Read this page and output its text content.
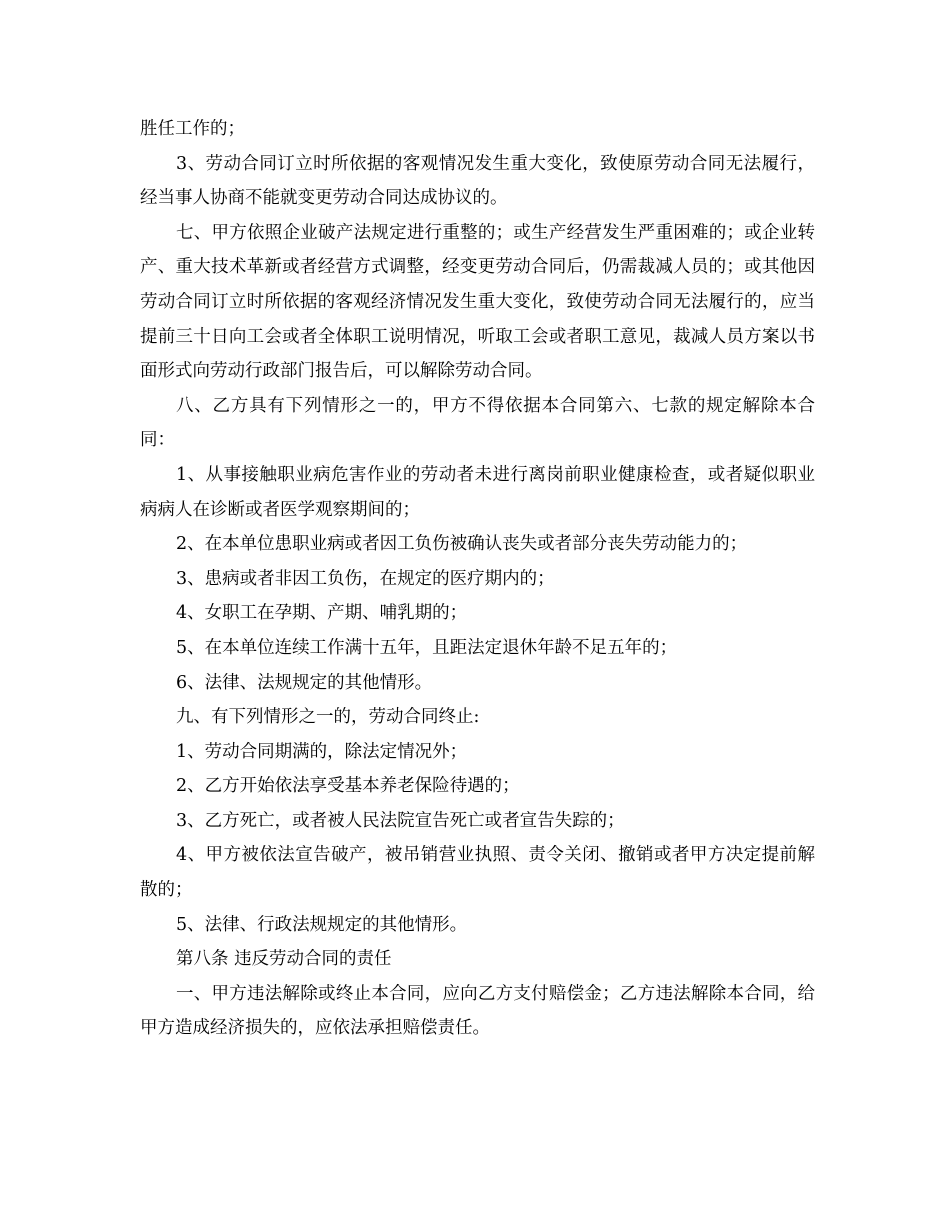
胜任工作的；

3、劳动合同订立时所依据的客观情况发生重大变化，致使原劳动合同无法履行，经当事人协商不能就变更劳动合同达成协议的。

七、甲方依照企业破产法规定进行重整的；或生产经营发生严重困难的；或企业转产、重大技术革新或者经营方式调整，经变更劳动合同后，仍需裁减人员的；或其他因劳动合同订立时所依据的客观经济情况发生重大变化，致使劳动合同无法履行的，应当提前三十日向工会或者全体职工说明情况，听取工会或者职工意见，裁减人员方案以书面形式向劳动行政部门报告后，可以解除劳动合同。

八、乙方具有下列情形之一的，甲方不得依据本合同第六、七款的规定解除本合同：

1、从事接触职业病危害作业的劳动者未进行离岗前职业健康检查，或者疑似职业病病人在诊断或者医学观察期间的；

2、在本单位患职业病或者因工负伤被确认丧失或者部分丧失劳动能力的；

3、患病或者非因工负伤，在规定的医疗期内的；

4、女职工在孕期、产期、哺乳期的；

5、在本单位连续工作满十五年，且距法定退休年龄不足五年的；

6、法律、法规规定的其他情形。

九、有下列情形之一的，劳动合同终止:

1、劳动合同期满的，除法定情况外；

2、乙方开始依法享受基本养老保险待遇的；

3、乙方死亡，或者被人民法院宣告死亡或者宣告失踪的；

4、甲方被依法宣告破产，被吊销营业执照、责令关闭、撤销或者甲方决定提前解散的；

5、法律、行政法规规定的其他情形。

第八条 违反劳动合同的责任

一、甲方违法解除或终止本合同，应向乙方支付赔偿金；乙方违法解除本合同，给甲方造成经济损失的，应依法承担赔偿责任。
